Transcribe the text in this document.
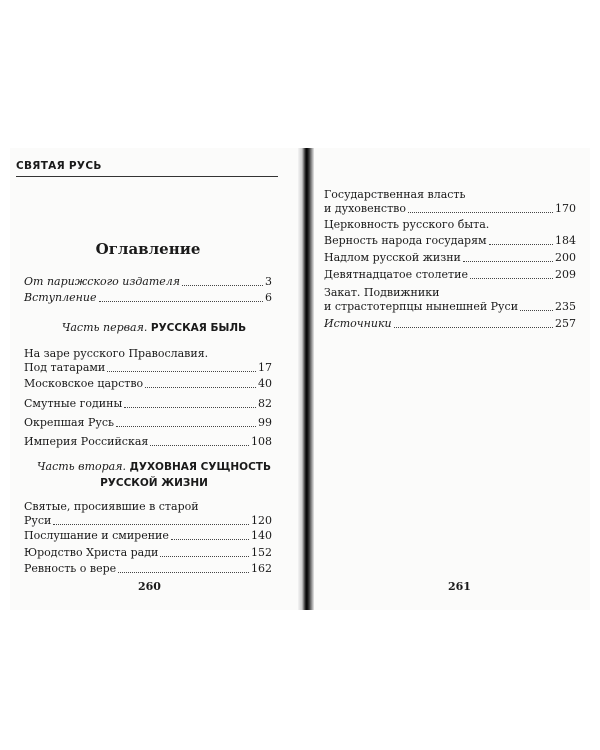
СВЯТАЯ РУСЬ
Оглавление
От парижского издателя	3
Вступление	6
Часть первая. РУССКАЯ БЫЛЬ
На заре русского Православия.
Под татарами	17
Московское царство	40
Смутные годины	82
Окрепшая Русь	99
Империя Российская	108
Часть вторая. ДУХОВНАЯ СУЩНОСТЬ
РУССКОЙ ЖИЗНИ
Святые, просиявшие в старой
Руси	120
Послушание и смирение	140
Юродство Христа ради	152
Ревность о вере	162
260
Государственная власть
и духовенство	170
Церковность русского быта.
Верность народа государям	184
Надлом русской жизни	200
Девятнадцатое столетие	209
Закат. Подвижники
и страстотерпцы нынешней Руси	235
Источники	257
261
